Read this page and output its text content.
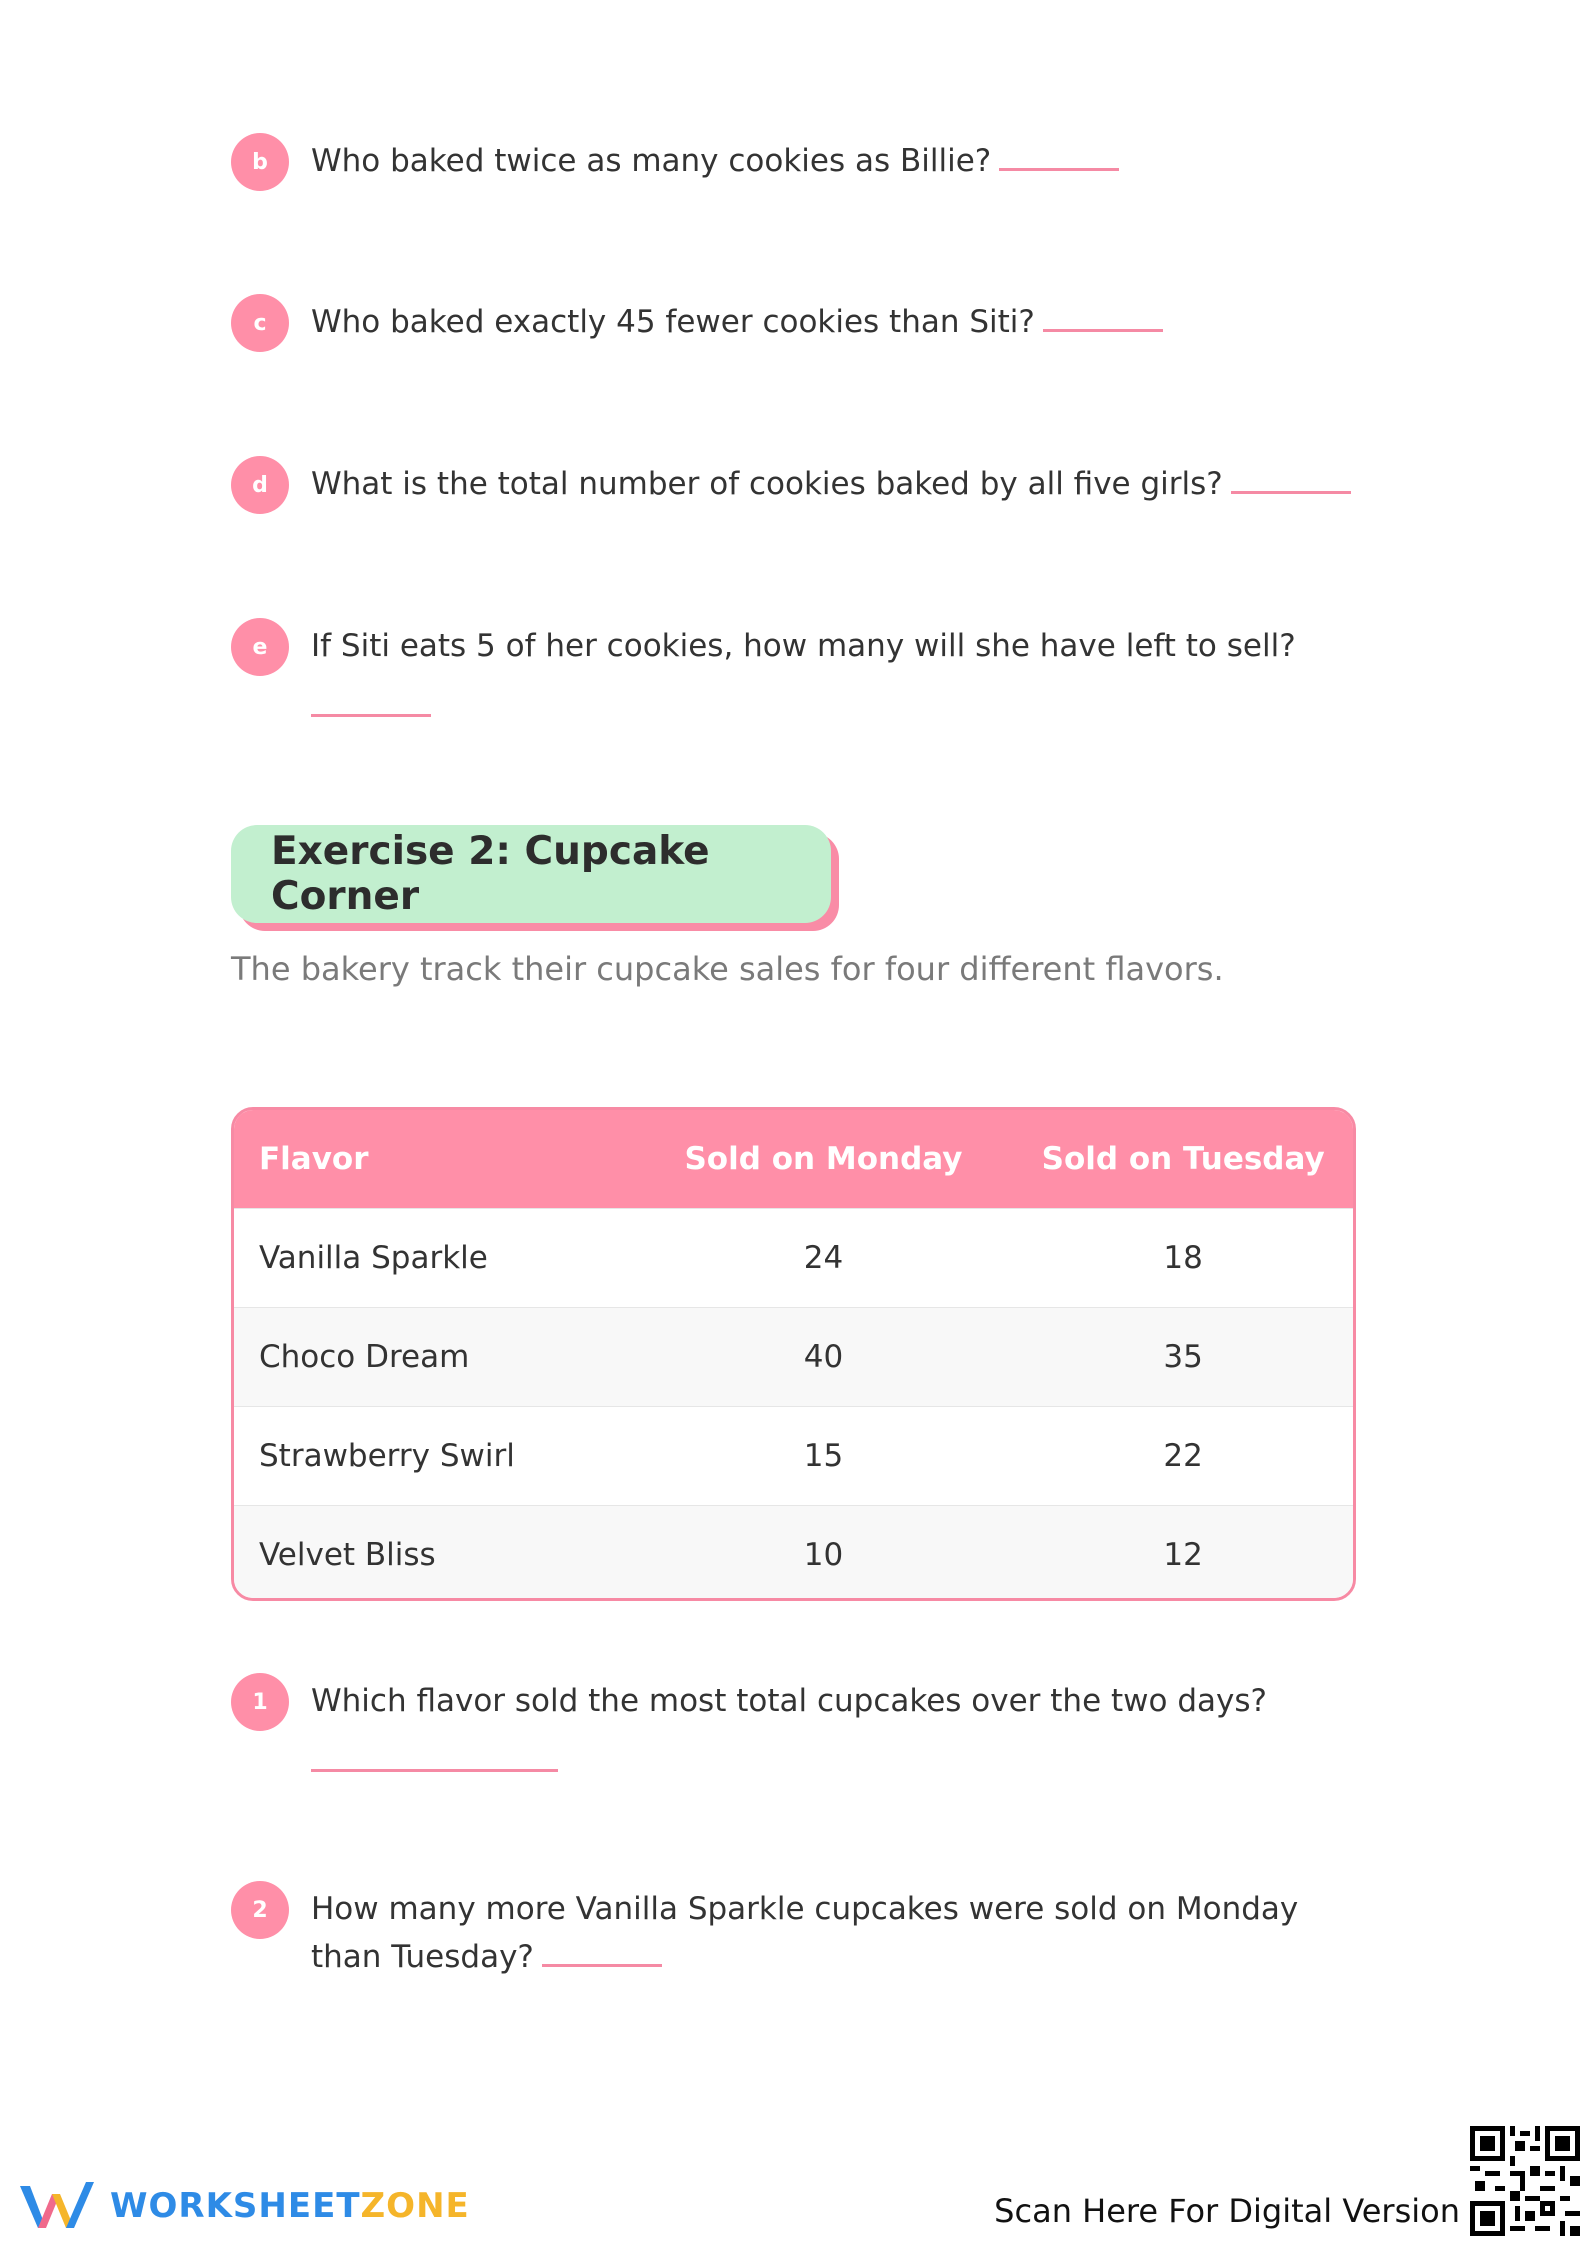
b	Who baked twice as many cookies as Billie?
c	Who baked exactly 45 fewer cookies than Siti?
d	What is the total number of cookies baked by all five girls?
e	If Siti eats 5 of her cookies, how many will she have left to sell?
Exercise 2: Cupcake Corner
The bakery track their cupcake sales for four different flavors.
Flavor	Sold on Monday	Sold on Tuesday
Vanilla Sparkle	24	18
Choco Dream	40	35
Strawberry Swirl	15	22
Velvet Bliss	10	12
1	Which flavor sold the most total cupcakes over the two days?
2	How many more Vanilla Sparkle cupcakes were sold on Monday than Tuesday?
WORKSHEETZONE	Scan Here For Digital Version
